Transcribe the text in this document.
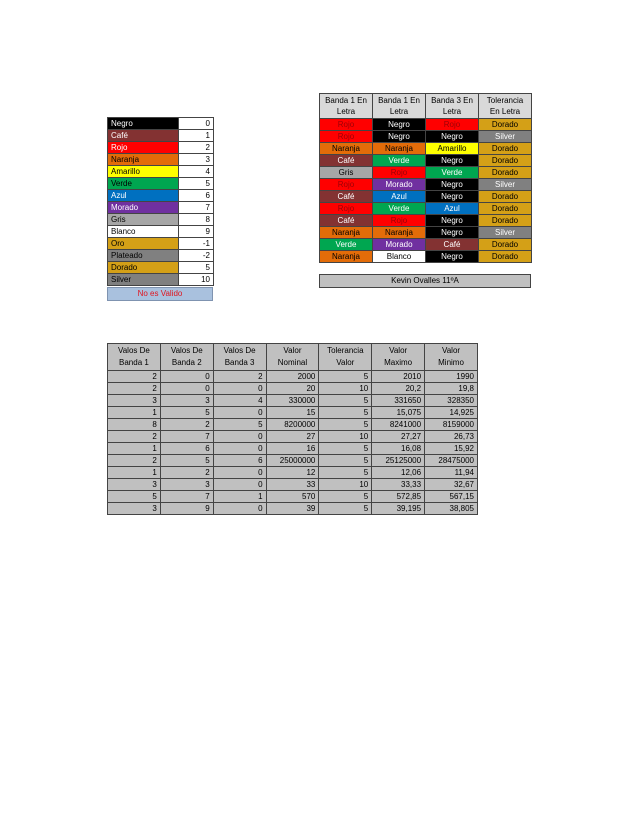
Negro	0
Café	1
Rojo	2
Naranja	3
Amarillo	4
Verde	5
Azul	6
Morado	7
Gris	8
Blanco	9
Oro	-1
Plateado	-2
Dorado	5
Silver	10
No es Valido
Banda 1 En Letra	Banda 1 En Letra	Banda 3 En Letra	Tolerancia En Letra
Rojo	Negro	Rojo	Dorado
Rojo	Negro	Negro	Silver
Naranja	Naranja	Amarillo	Dorado
Café	Verde	Negro	Dorado
Gris	Rojo	Verde	Dorado
Rojo	Morado	Negro	Silver
Café	Azul	Negro	Dorado
Rojo	Verde	Azul	Dorado
Café	Rojo	Negro	Dorado
Naranja	Naranja	Negro	Silver
Verde	Morado	Café	Dorado
Naranja	Blanco	Negro	Dorado
Kevin Ovalles 11ºA
Valos De Banda 1	Valos De Banda 2	Valos De Banda 3	Valor Nominal	Tolerancia Valor	Valor Maximo	Valor Minimo
2	0	2	2000	5	2010	1990
2	0	0	20	10	20,2	19,8
3	3	4	330000	5	331650	328350
1	5	0	15	5	15,075	14,925
8	2	5	8200000	5	8241000	8159000
2	7	0	27	10	27,27	26,73
1	6	0	16	5	16,08	15,92
2	5	6	25000000	5	25125000	28475000
1	2	0	12	5	12,06	11,94
3	3	0	33	10	33,33	32,67
5	7	1	570	5	572,85	567,15
3	9	0	39	5	39,195	38,805
